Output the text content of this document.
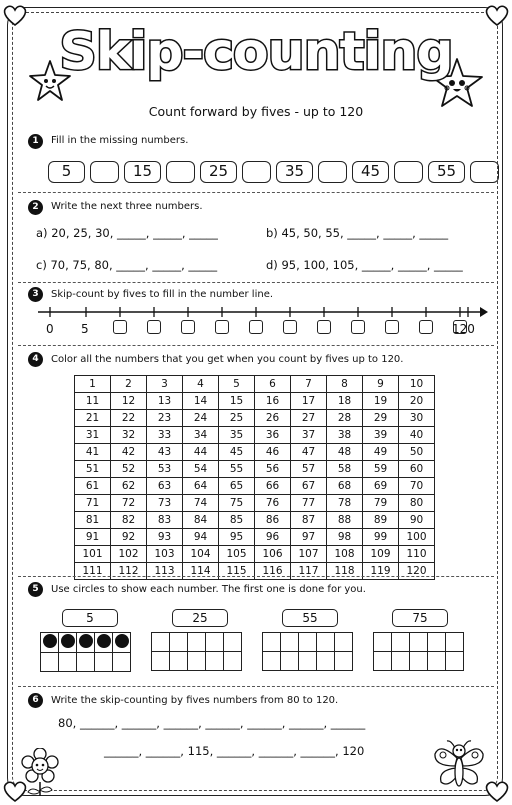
Skip-counting
Count forward by fives - up to 120
1	Fill in the missing numbers.
5	15	25	35	45	55
2	Write the next three numbers.
a) 20, 25, 30, _____, _____, _____	b) 45, 50, 55, _____, _____, _____
c) 70, 75, 80, _____, _____, _____	d) 95, 100, 105, _____, _____, _____
3	Skip-count by fives to fill in the number line.
0 5	120
4	Color all the numbers that you get when you count by fives up to 120.
1	2	3	4	5	6	7	8	9	10
11	12	13	14	15	16	17	18	19	20
21	22	23	24	25	26	27	28	29	30
31	32	33	34	35	36	37	38	39	40
41	42	43	44	45	46	47	48	49	50
51	52	53	54	55	56	57	58	59	60
61	62	63	64	65	66	67	68	69	70
71	72	73	74	75	76	77	78	79	80
81	82	83	84	85	86	87	88	89	90
91	92	93	94	95	96	97	98	99	100
101	102	103	104	105	106	107	108	109	110
111	112	113	114	115	116	117	118	119	120
5	Use circles to show each number. The first one is done for you.
5	25	55	75

6	Write the skip-counting by fives numbers from 80 to 120.
80, ______, ______, ______, ______, ______, ______, ______
______, ______, 115, ______, ______, ______, 120
